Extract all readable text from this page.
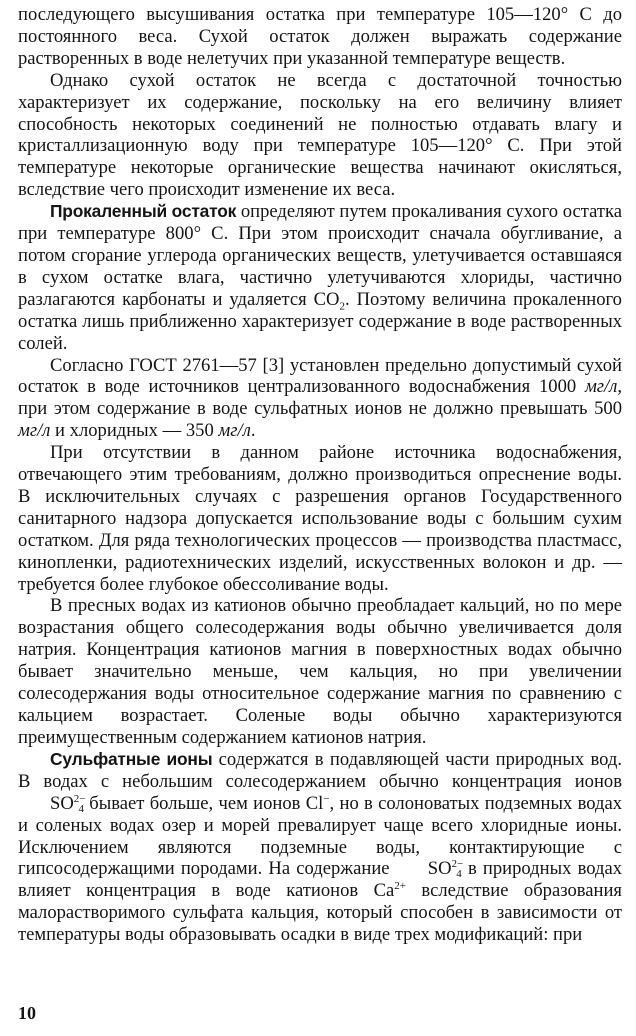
последующего высушивания остатка при температуре 105—120° С до постоянного веса. Сухой остаток должен выражать содержание растворенных в воде нелетучих при указанной температуре веществ.

Однако сухой остаток не всегда с достаточной точностью характеризует их содержание, поскольку на его величину влияет способность некоторых соединений не полностью отдавать влагу и кристаллизационную воду при температуре 105—120° С. При этой температуре некоторые органические вещества начинают окисляться, вследствие чего происходит изменение их веса.

Прокаленный остаток определяют путем прокаливания сухого остатка при температуре 800° С. При этом происходит сначала обугливание, а потом сгорание углерода органических веществ, улетучивается оставшаяся в сухом остатке влага, частично улетучиваются хлориды, частично разлагаются карбонаты и удаляется $CO_2$. Поэтому величина прокаленного остатка лишь приближенно характеризует содержание в воде растворенных солей.

Согласно ГОСТ 2761—57 [3] установлен предельно допустимый сухой остаток в воде источников централизованного водоснабжения 1000 мг/л, при этом содержание в воде сульфатных ионов не должно превышать 500 мг/л и хлоридных — 350 мг/л.

При отсутствии в данном районе источника водоснабжения, отвечающего этим требованиям, должно производиться опреснение воды. В исключительных случаях с разрешения органов Государственного санитарного надзора допускается использование воды с большим сухим остатком. Для ряда технологических процессов — производства пластмасс, кинопленки, радиотехнических изделий, искусственных волокон и др. — требуется более глубокое обессоливание воды.

В пресных водах из катионов обычно преобладает кальций, но по мере возрастания общего солесодержания воды обычно увеличивается доля натрия. Концентрация катионов магния в поверхностных водах обычно бывает значительно меньше, чем кальция, но при увеличении солесодержания воды относительное содержание магния по сравнению с кальцием возрастает. Соленые воды обычно характеризуются преимущественным содержанием катионов натрия.

Сульфатные ионы содержатся в подавляющей части природных вод. В водах с небольшим солесодержанием обычно концентрация ионов $SO^{2-}4$ бывает больше, чем ионов Cl−, но в солоноватых подземных водах и соленых водах озер и морей превалирует чаще всего хлоридные ионы. Исключением являются подземные воды, контактирующие с гипсосодержащими породами. На содержание $SO^{2-}4$ в природных водах влияет концентрация в воде катионов $Ca^{2+}$ вследствие образования малорастворимого сульфата кальция, который способен в зависимости от температуры воды образовывать осадки в виде трех модификаций: при

10
